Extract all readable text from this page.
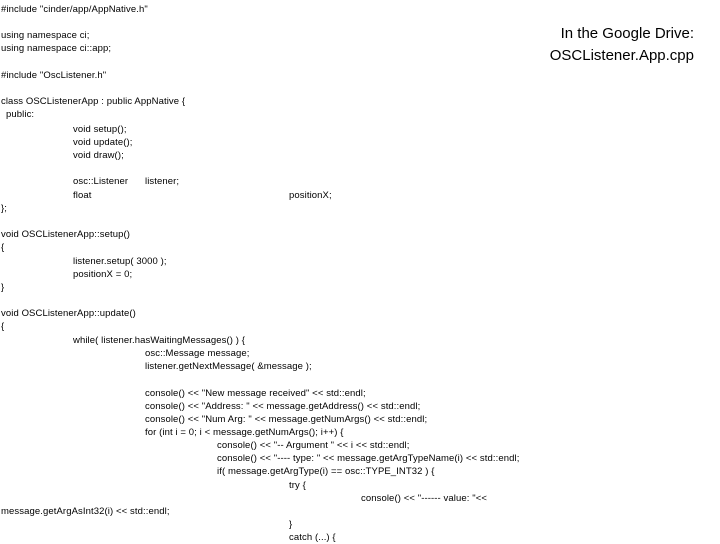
#include "cinder/app/AppNative.h"
using namespace ci;
using namespace ci::app;
#include "OscListener.h"
class OSCListenerApp : public AppNative {
public:
void setup();
void update();
void draw();
osc::Listener listener;
float	positionX;
};
void OSCListenerApp::setup()
{
listener.setup( 3000 );
positionX = 0;
}
void OSCListenerApp::update()
{
while( listener.hasWaitingMessages() ) {
osc::Message message;
listener.getNextMessage( &message );
console() << "New message received" << std::endl;
console() << "Address: " << message.getAddress() << std::endl;
console() << "Num Arg: " << message.getNumArgs() << std::endl;
for (int i = 0; i < message.getNumArgs(); i++) {
console() << "-- Argument " << i << std::endl;
console() << "---- type: " << message.getArgTypeName(i) << std::endl;
if( message.getArgType(i) == osc::TYPE_INT32 ) {
try {
console() << "------ value: "<<
message.getArgAsInt32(i) << std::endl;
}
catch (...) {
In the Google Drive:
OSCListener.App.cpp
